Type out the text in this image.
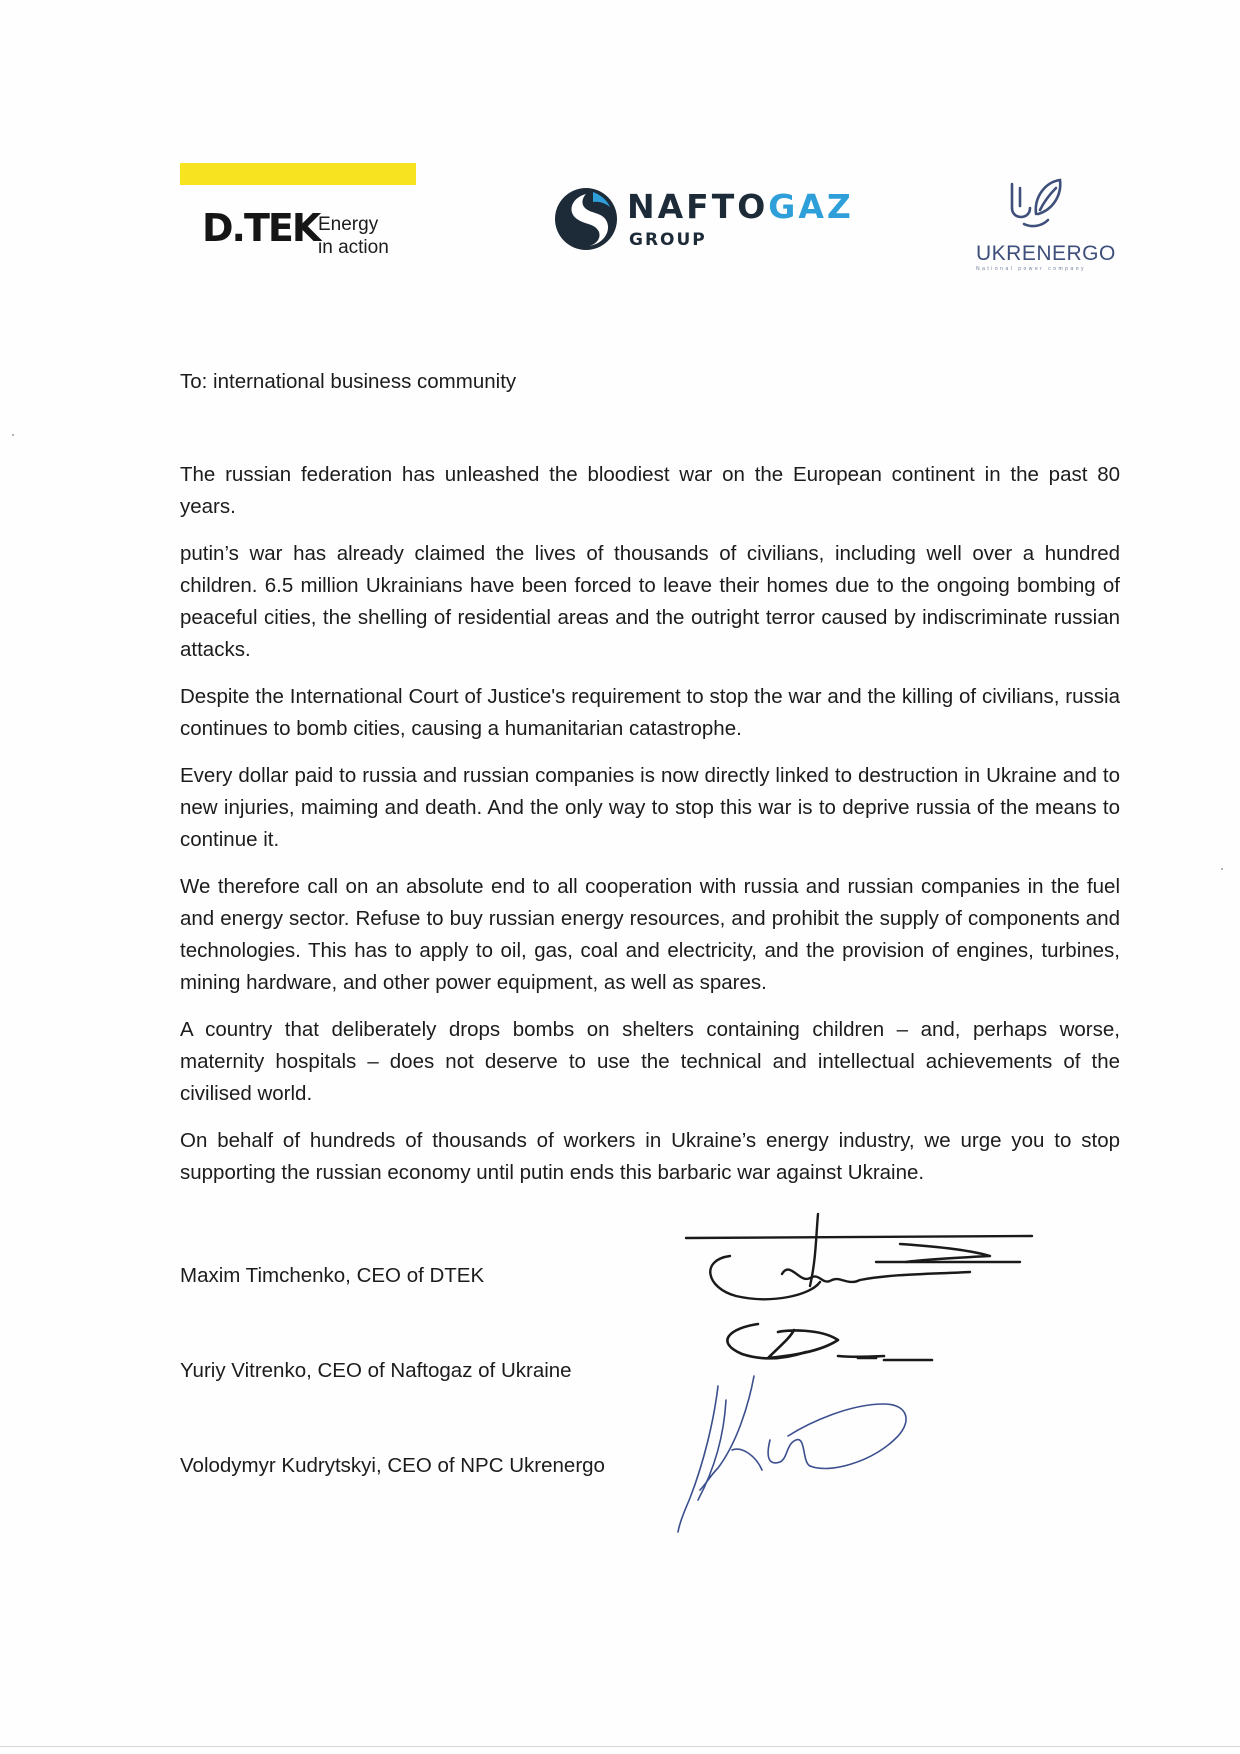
D.TEK
Energy
in action
NAFTOGAZ
GROUP
UKRENERGO
National power company
To: international business community

The russian federation has unleashed the bloodiest war on the European continent in the past 80 years.

putin’s war has already claimed the lives of thousands of civilians, including well over a hundred children. 6.5 million Ukrainians have been forced to leave their homes due to the ongoing bombing of peaceful cities, the shelling of residential areas and the outright terror caused by indiscriminate russian attacks.

Despite the International Court of Justice's requirement to stop the war and the killing of civilians, russia continues to bomb cities, causing a humanitarian catastrophe.

Every dollar paid to russia and russian companies is now directly linked to destruction in Ukraine and to new injuries, maiming and death. And the only way to stop this war is to deprive russia of the means to continue it.

We therefore call on an absolute end to all cooperation with russia and russian companies in the fuel and energy sector. Refuse to buy russian energy resources, and prohibit the supply of components and technologies. This has to apply to oil, gas, coal and electricity, and the provision of engines, turbines, mining hardware, and other power equipment, as well as spares.

A country that deliberately drops bombs on shelters containing children – and, perhaps worse, maternity hospitals – does not deserve to use the technical and intellectual achievements of the civilised world.

On behalf of hundreds of thousands of workers in Ukraine’s energy industry, we urge you to stop supporting the russian economy until putin ends this barbaric war against Ukraine.

Maxim Timchenko, CEO of DTEK
Yuriy Vitrenko, CEO of Naftogaz of Ukraine
Volodymyr Kudrytskyi, CEO of NPC Ukrenergo
